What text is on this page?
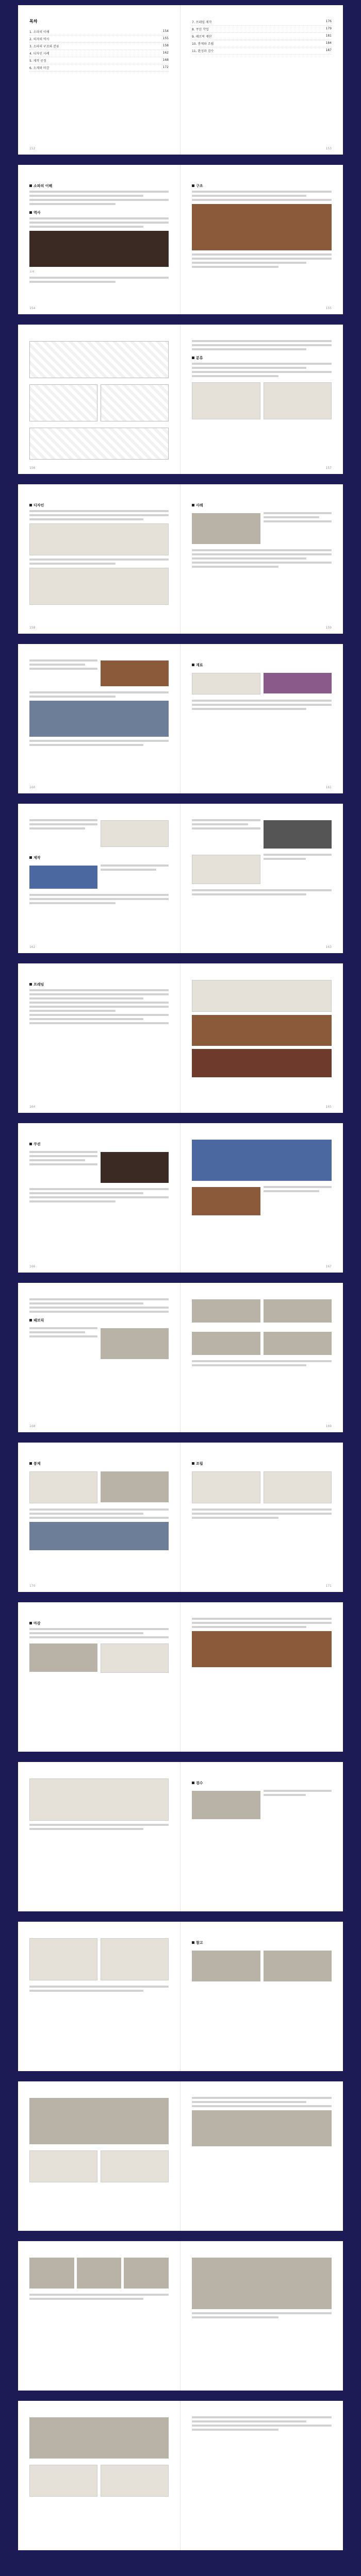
목차
1. 소파의 이해	154
2. 의자의 역사	155
3. 소파의 구조와 분류	158
4. 디자인 사례	162
5. 제작 공정	168
6. 소재와 마감	172
152
7. 프레임 제작	176
8. 쿠션 작업	179
9. 패브릭 재단	181
10. 봉제와 조립	184
11. 완성과 검수	187
153
소파의 이해
역사
소파
154
구조
155
156
분류
157
디자인
158
사례
159
160
재료
161
제작
162	163
프레임
164	165
쿠션
166	167
패브릭
168	169
봉제
170
조립
171
마감
검수
참고
